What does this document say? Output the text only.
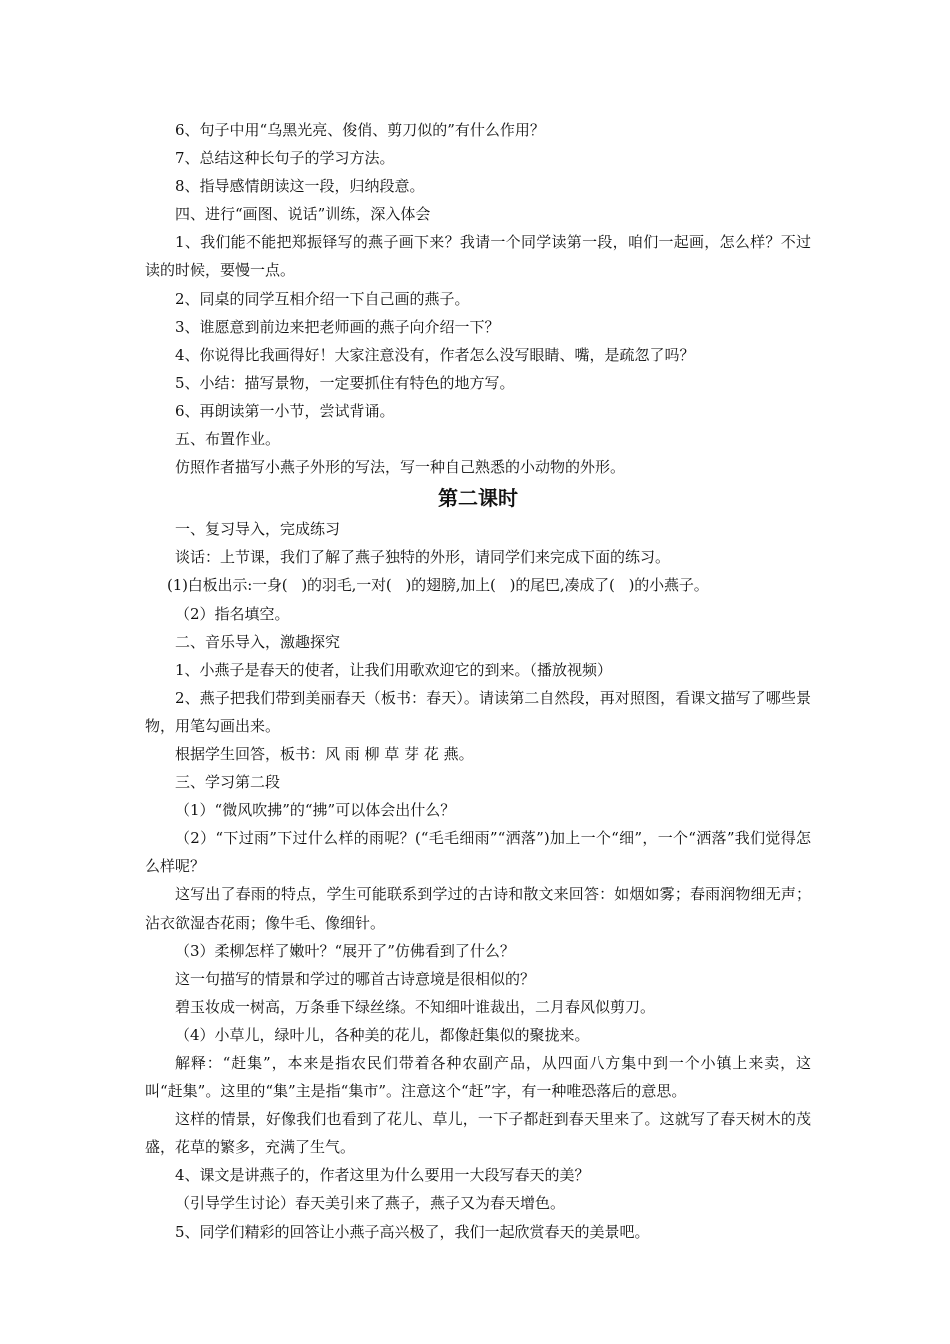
6、句子中用“乌黑光亮、俊俏、剪刀似的”有什么作用？

7、总结这种长句子的学习方法。

8、指导感情朗读这一段，归纳段意。

四、进行“画图、说话”训练，深入体会

1、我们能不能把郑振铎写的燕子画下来？我请一个同学读第一段，咱们一起画，怎么样？不过读的时候，要慢一点。

2、同桌的同学互相介绍一下自己画的燕子。

3、谁愿意到前边来把老师画的燕子向介绍一下？

4、你说得比我画得好！大家注意没有，作者怎么没写眼睛、嘴，是疏忽了吗？

5、小结：描写景物，一定要抓住有特色的地方写。

6、再朗读第一小节，尝试背诵。

五、布置作业。

仿照作者描写小燕子外形的写法，写一种自己熟悉的小动物的外形。

第二课时

一、复习导入，完成练习

谈话：上节课，我们了解了燕子独特的外形，请同学们来完成下面的练习。

(1)白板出示:一身(   )的羽毛,一对(   )的翅膀,加上(   )的尾巴,凑成了(   )的小燕子。

（2）指名填空。

二、音乐导入，激趣探究

1、小燕子是春天的使者，让我们用歌欢迎它的到来。（播放视频）

2、燕子把我们带到美丽春天（板书：春天）。请读第二自然段，再对照图，看课文描写了哪些景物，用笔勾画出来。

根据学生回答，板书：风 雨 柳 草 芽 花 燕。

三、学习第二段

（1）“微风吹拂”的“拂”可以体会出什么？

（2）“下过雨”下过什么样的雨呢？(“毛毛细雨”“洒落”)加上一个“细”，一个“洒落”我们觉得怎么样呢？

这写出了春雨的特点，学生可能联系到学过的古诗和散文来回答：如烟如雾；春雨润物细无声；沾衣欲湿杏花雨；像牛毛、像细针。

（3）柔柳怎样了嫩叶？“展开了”仿佛看到了什么？

这一句描写的情景和学过的哪首古诗意境是很相似的？

碧玉妆成一树高，万条垂下绿丝绦。不知细叶谁裁出，二月春风似剪刀。

（4）小草儿，绿叶儿，各种美的花儿，都像赶集似的聚拢来。

解释：“赶集”，本来是指农民们带着各种农副产品，从四面八方集中到一个小镇上来卖，这叫“赶集”。这里的“集”主是指“集市”。注意这个“赶”字，有一种唯恐落后的意思。

这样的情景，好像我们也看到了花儿、草儿，一下子都赶到春天里来了。这就写了春天树木的茂盛，花草的繁多，充满了生气。

4、课文是讲燕子的，作者这里为什么要用一大段写春天的美？

（引导学生讨论）春天美引来了燕子，燕子又为春天增色。

5、同学们精彩的回答让小燕子高兴极了，我们一起欣赏春天的美景吧。
